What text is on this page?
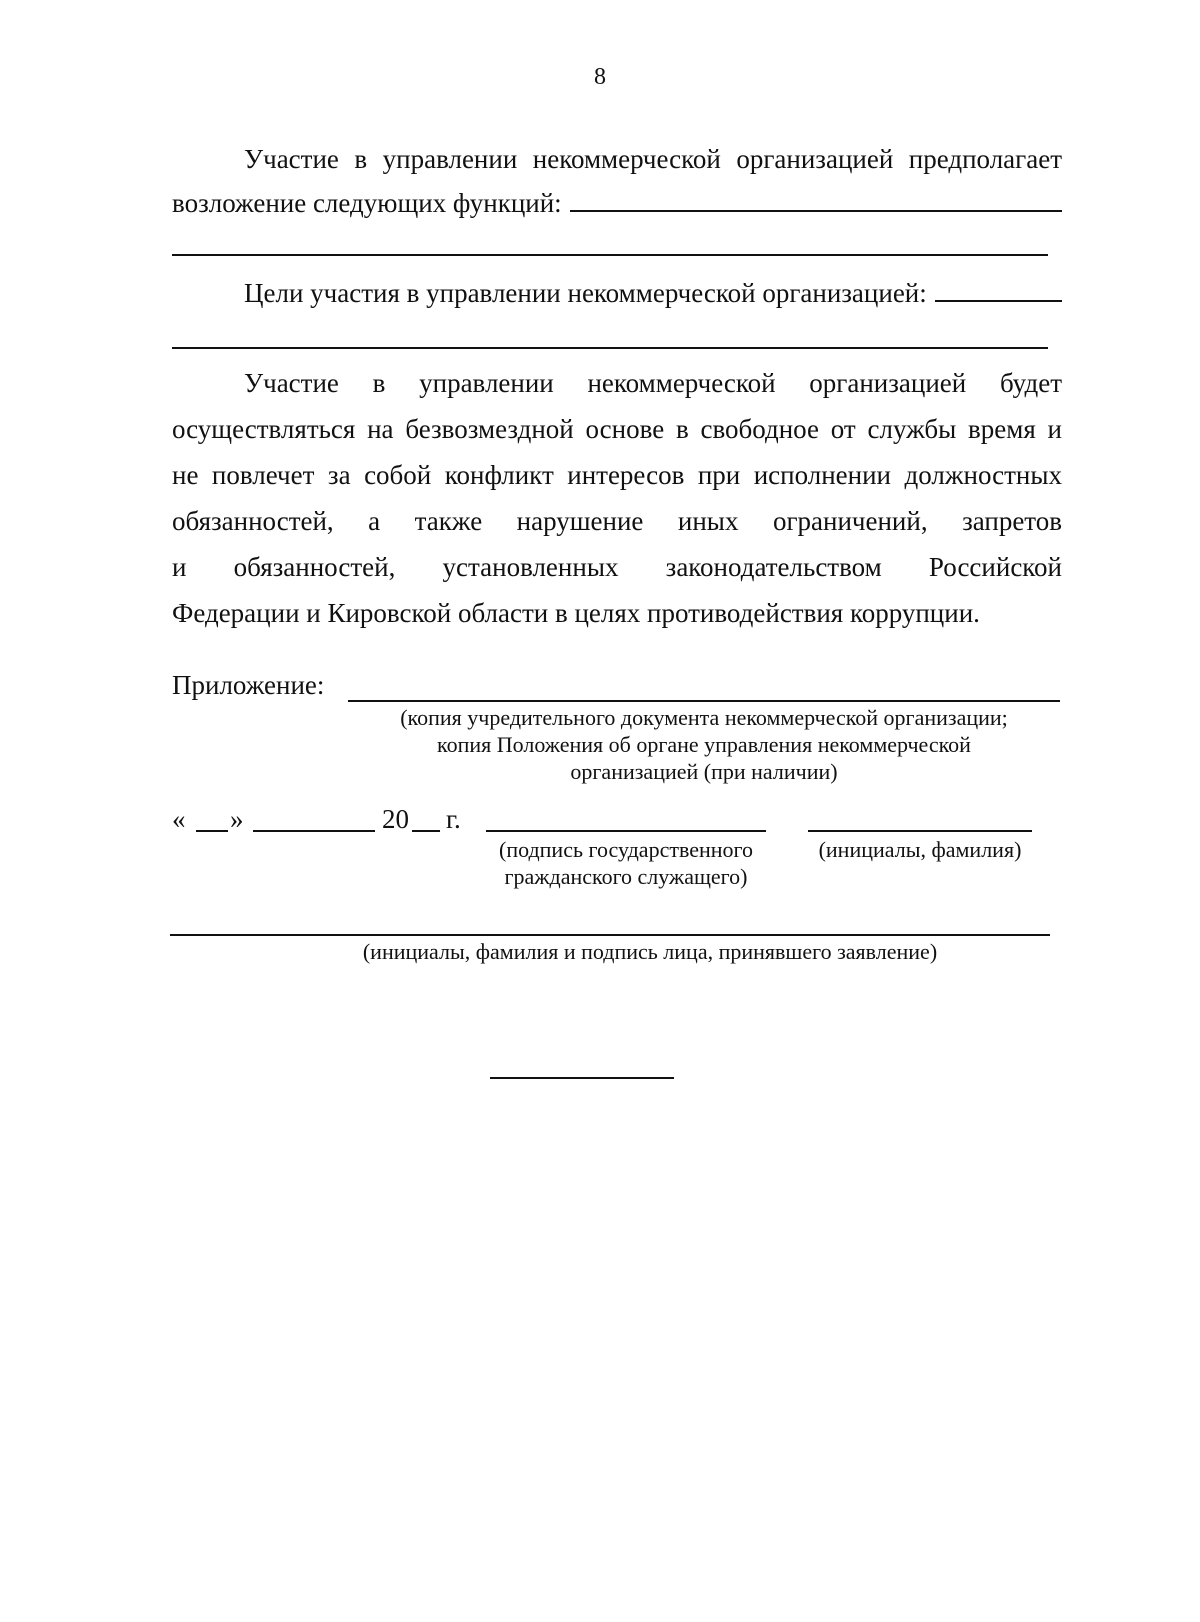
8
Участие в управлении некоммерческой организацией предполагает
возложение следующих функций:
Цели участия в управлении некоммерческой организацией:
Участие в управлении некоммерческой организацией будет
осуществляться на безвозмездной основе в свободное от службы время и
не повлечет за собой конфликт интересов при исполнении должностных
обязанностей, а также нарушение иных ограничений, запретов
и обязанностей, установленных законодательством Российской
Федерации и Кировской области в целях противодействия коррупции.
Приложение:
(копия учредительного документа некоммерческой организации;
копия Положения об органе управления некоммерческой
организацией (при наличии)
« »	20 г.
(подпись государственного
гражданского служащего)
(инициалы, фамилия)
(инициалы, фамилия и подпись лица, принявшего заявление)
